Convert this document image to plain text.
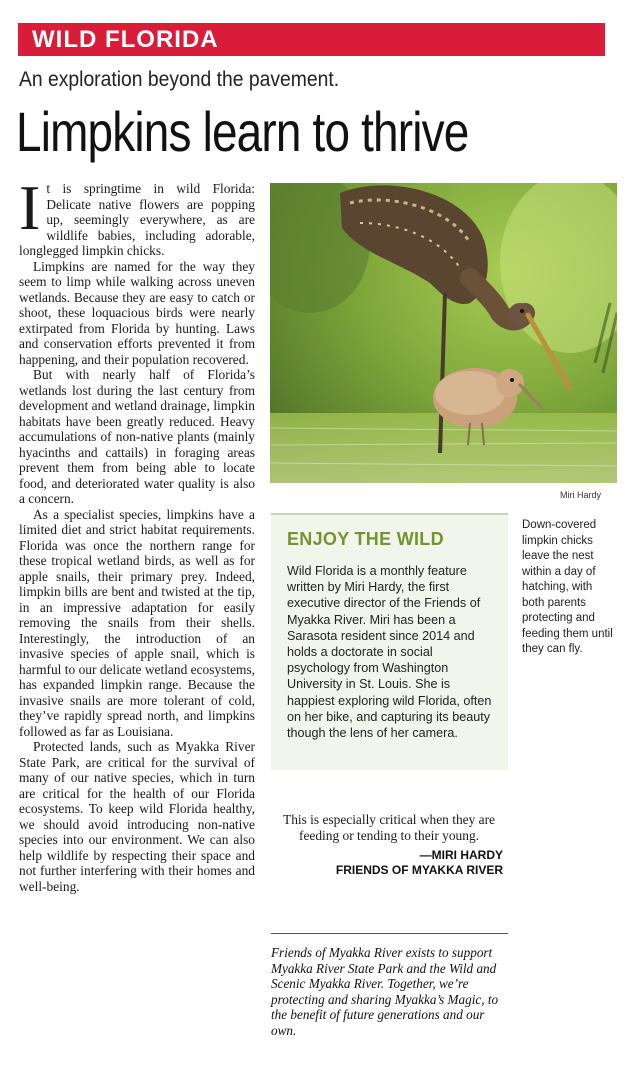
WILD FLORIDA
An exploration beyond the pavement.
Limpkins learn to thrive

It is springtime in wild Florida: Delicate native flowers are popping up, seemingly everywhere, as are wildlife babies, including adorable, longlegged limpkin chicks.

Limpkins are named for the way they seem to limp while walking across uneven wetlands. Because they are easy to catch or shoot, these loquacious birds were nearly extirpated from Florida by hunting. Laws and conservation efforts prevented it from happening, and their population recovered.

But with nearly half of Florida’s wetlands lost during the last century from development and wetland drainage, limpkin habitats have been greatly reduced. Heavy accumulations of non-native plants (mainly hyacinths and cattails) in foraging areas prevent them from being able to locate food, and deteriorated water quality is also a concern.

As a specialist species, limpkins have a limited diet and strict habitat requirements. Florida was once the northern range for these tropical wetland birds, as well as for apple snails, their primary prey. Indeed, limpkin bills are bent and twisted at the tip, in an impressive adaptation for easily removing the snails from their shells. Interestingly, the introduction of an invasive species of apple snail, which is harmful to our delicate wetland ecosystems, has expanded limpkin range. Because the invasive snails are more tolerant of cold, they’ve rapidly spread north, and limpkins followed as far as Louisiana.

Protected lands, such as Myakka River State Park, are critical for the survival of many of our native species, which in turn are critical for the health of our Florida ecosystems. To keep wild Florida healthy, we should avoid introducing non-native species into our environment. We can also help wildlife by respecting their space and not further interfering with their homes and well-being.

Miri Hardy
ENJOY THE WILD
Wild Florida is a monthly feature written by Miri Hardy, the first executive director of the Friends of Myakka River. Miri has been a Sarasota resident since 2014 and holds a doctorate in social psychology from Washington University in St. Louis. She is happiest exploring wild Florida, often on her bike, and capturing its beauty though the lens of her camera.
Down-covered limpkin chicks leave the nest within a day of hatching, with both parents protecting and feeding them until they can fly.
This is especially critical when they are feeding or tending to their young.
—MIRI HARDY
FRIENDS OF MYAKKA RIVER
Friends of Myakka River exists to support Myakka River State Park and the Wild and Scenic Myakka River. Together, we’re protecting and sharing Myakka’s Magic, to the benefit of future generations and our own.
